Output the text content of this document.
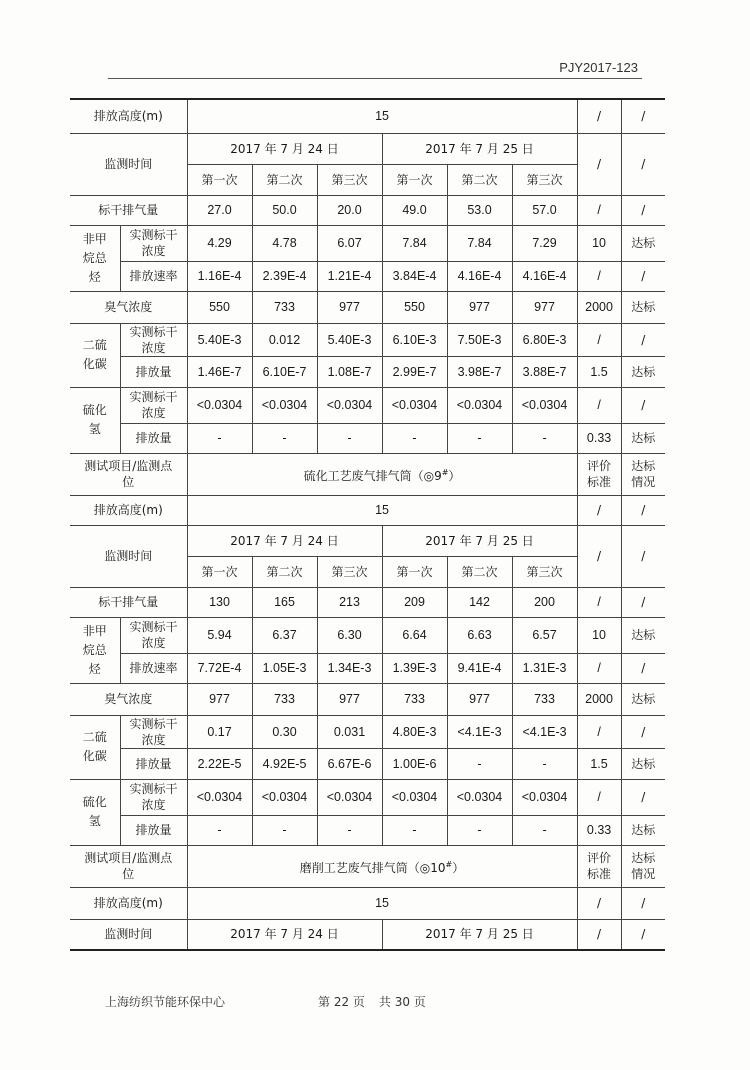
PJY2017-123
排放高度(m)		15						/	/
监测时间		2017 年 7 月 24 日			2017 年 7 月 25 日			/	/
		第一次	第二次	第三次	第一次	第二次	第三次		
标干排气量		27.0	50.0	20.0	49.0	53.0	57.0	/	/
非甲烷总烃	实测标干浓度	4.29	4.78	6.07	7.84	7.84	7.29	10	达标
	排放速率	1.16E-4	2.39E-4	1.21E-4	3.84E-4	4.16E-4	4.16E-4	/	/
臭气浓度		550	733	977	550	977	977	2000	达标
二硫化碳	实测标干浓度	5.40E-3	0.012	5.40E-3	6.10E-3	7.50E-3	6.80E-3	/	/
	排放量	1.46E-7	6.10E-7	1.08E-7	2.99E-7	3.98E-7	3.88E-7	1.5	达标
硫化氢	实测标干浓度	<0.0304	<0.0304	<0.0304	<0.0304	<0.0304	<0.0304	/	/
	排放量	-	-	-	-	-	-	0.33	达标
测试项目/监测点位		硫化工艺废气排气筒（◎9#）						评价标准	达标情况
排放高度(m)		15						/	/
监测时间		2017 年 7 月 24 日			2017 年 7 月 25 日			/	/
		第一次	第二次	第三次	第一次	第二次	第三次		
标干排气量		130	165	213	209	142	200	/	/
非甲烷总烃	实测标干浓度	5.94	6.37	6.30	6.64	6.63	6.57	10	达标
	排放速率	7.72E-4	1.05E-3	1.34E-3	1.39E-3	9.41E-4	1.31E-3	/	/
臭气浓度		977	733	977	733	977	733	2000	达标
二硫化碳	实测标干浓度	0.17	0.30	0.031	4.80E-3	<4.1E-3	<4.1E-3	/	/
	排放量	2.22E-5	4.92E-5	6.67E-6	1.00E-6	-	-	1.5	达标
硫化氢	实测标干浓度	<0.0304	<0.0304	<0.0304	<0.0304	<0.0304	<0.0304	/	/
	排放量	-	-	-	-	-	-	0.33	达标
测试项目/监测点位		磨削工艺废气排气筒（◎10#）						评价标准	达标情况
排放高度(m)		15						/	/
监测时间		2017 年 7 月 24 日			2017 年 7 月 25 日			/	/
上海纺织节能环保中心	第 22 页 共 30 页
